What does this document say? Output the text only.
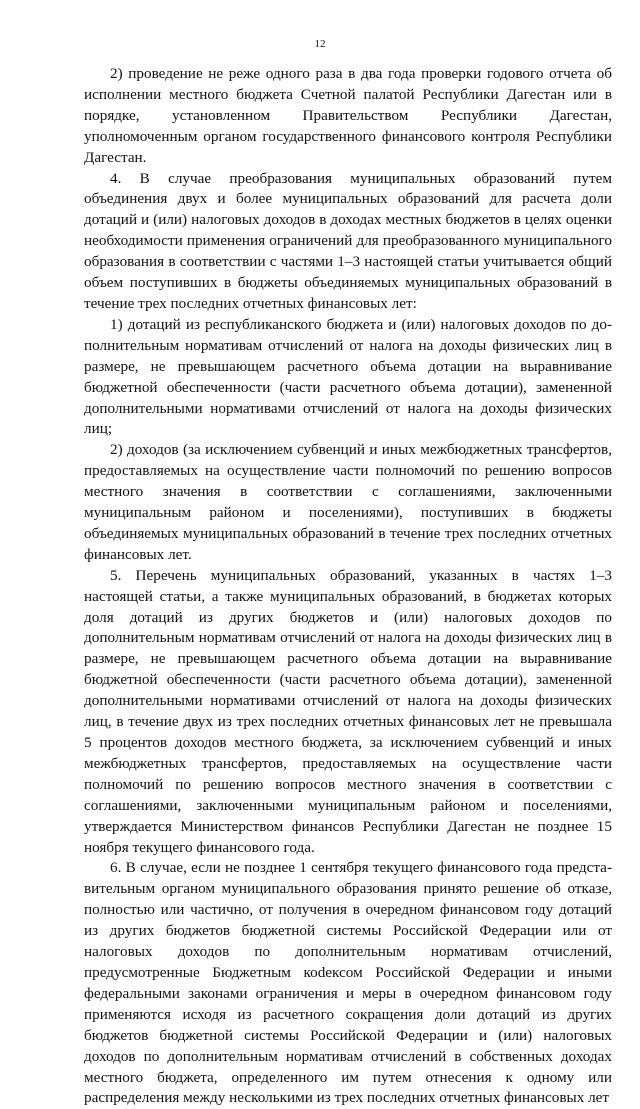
12

2) проведение не реже одного раза в два года проверки годового отчета об исполнении местного бюджета Счетной палатой Республики Дагестан или в порядке, установленном Правительством Республики Дагестан, уполномоченным органом государственного финансового контроля Республики Дагестан.

4. В случае преобразования муниципальных образований путем объединения двух и более муниципальных образований для расчета доли дотаций и (или) налоговых доходов в доходах местных бюджетов в целях оценки необходимости применения ограничений для преобразованного муниципального образования в соответствии с частями 1–3 настоящей статьи учитывается общий объем поступивших в бюджеты объединяемых муниципальных образований в течение трех последних отчетных финансовых лет:

1) дотаций из республиканского бюджета и (или) налоговых доходов по дополнительным нормативам отчислений от налога на доходы физических лиц в размере, не превышающем расчетного объема дотации на выравнивание бюджетной обеспеченности (части расчетного объема дотации), замененной дополнительными нормативами отчислений от налога на доходы физических лиц;

2) доходов (за исключением субвенций и иных межбюджетных трансфертов, предоставляемых на осуществление части полномочий по решению вопросов местного значения в соответствии с соглашениями, заключенными муниципальным районом и поселениями), поступивших в бюджеты объединяемых муниципальных образований в течение трех последних отчетных финансовых лет.

5. Перечень муниципальных образований, указанных в частях 1–3 настоящей статьи, а также муниципальных образований, в бюджетах которых доля дотаций из других бюджетов и (или) налоговых доходов по дополнительным нормативам отчислений от налога на доходы физических лиц в размере, не превышающем расчетного объема дотации на выравнивание бюджетной обеспеченности (части расчетного объема дотации), замененной дополнительными нормативами отчислений от налога на доходы физических лиц, в течение двух из трех последних отчетных финансовых лет не превышала 5 процентов доходов местного бюджета, за исключением субвенций и иных межбюджетных трансфертов, предоставляемых на осуществление части полномочий по решению вопросов местного значения в соответствии с соглашениями, заключенными муниципальным районом и поселениями, утверждается Министерством финансов Республики Дагестан не позднее 15 ноября текущего финансового года.

6. В случае, если не позднее 1 сентября текущего финансового года представительным органом муниципального образования принято решение об отказе, полностью или частично, от получения в очередном финансовом году дотаций из других бюджетов бюджетной системы Российской Федерации или от налоговых доходов по дополнительным нормативам отчислений, предусмотренные Бюджетным коdексом Российской Федерации и иными федеральными законами ограничения и меры в очередном финансовом году применяются исходя из расчетного сокращения доли дотаций из других бюджетов бюджетной системы Российской Федерации и (или) налоговых доходов по дополнительным нормативам отчислений в собственных доходах местного бюджета, определенного им путем отнесения к одному или распределения между несколькими из трех последних отчетных финансовых лет
